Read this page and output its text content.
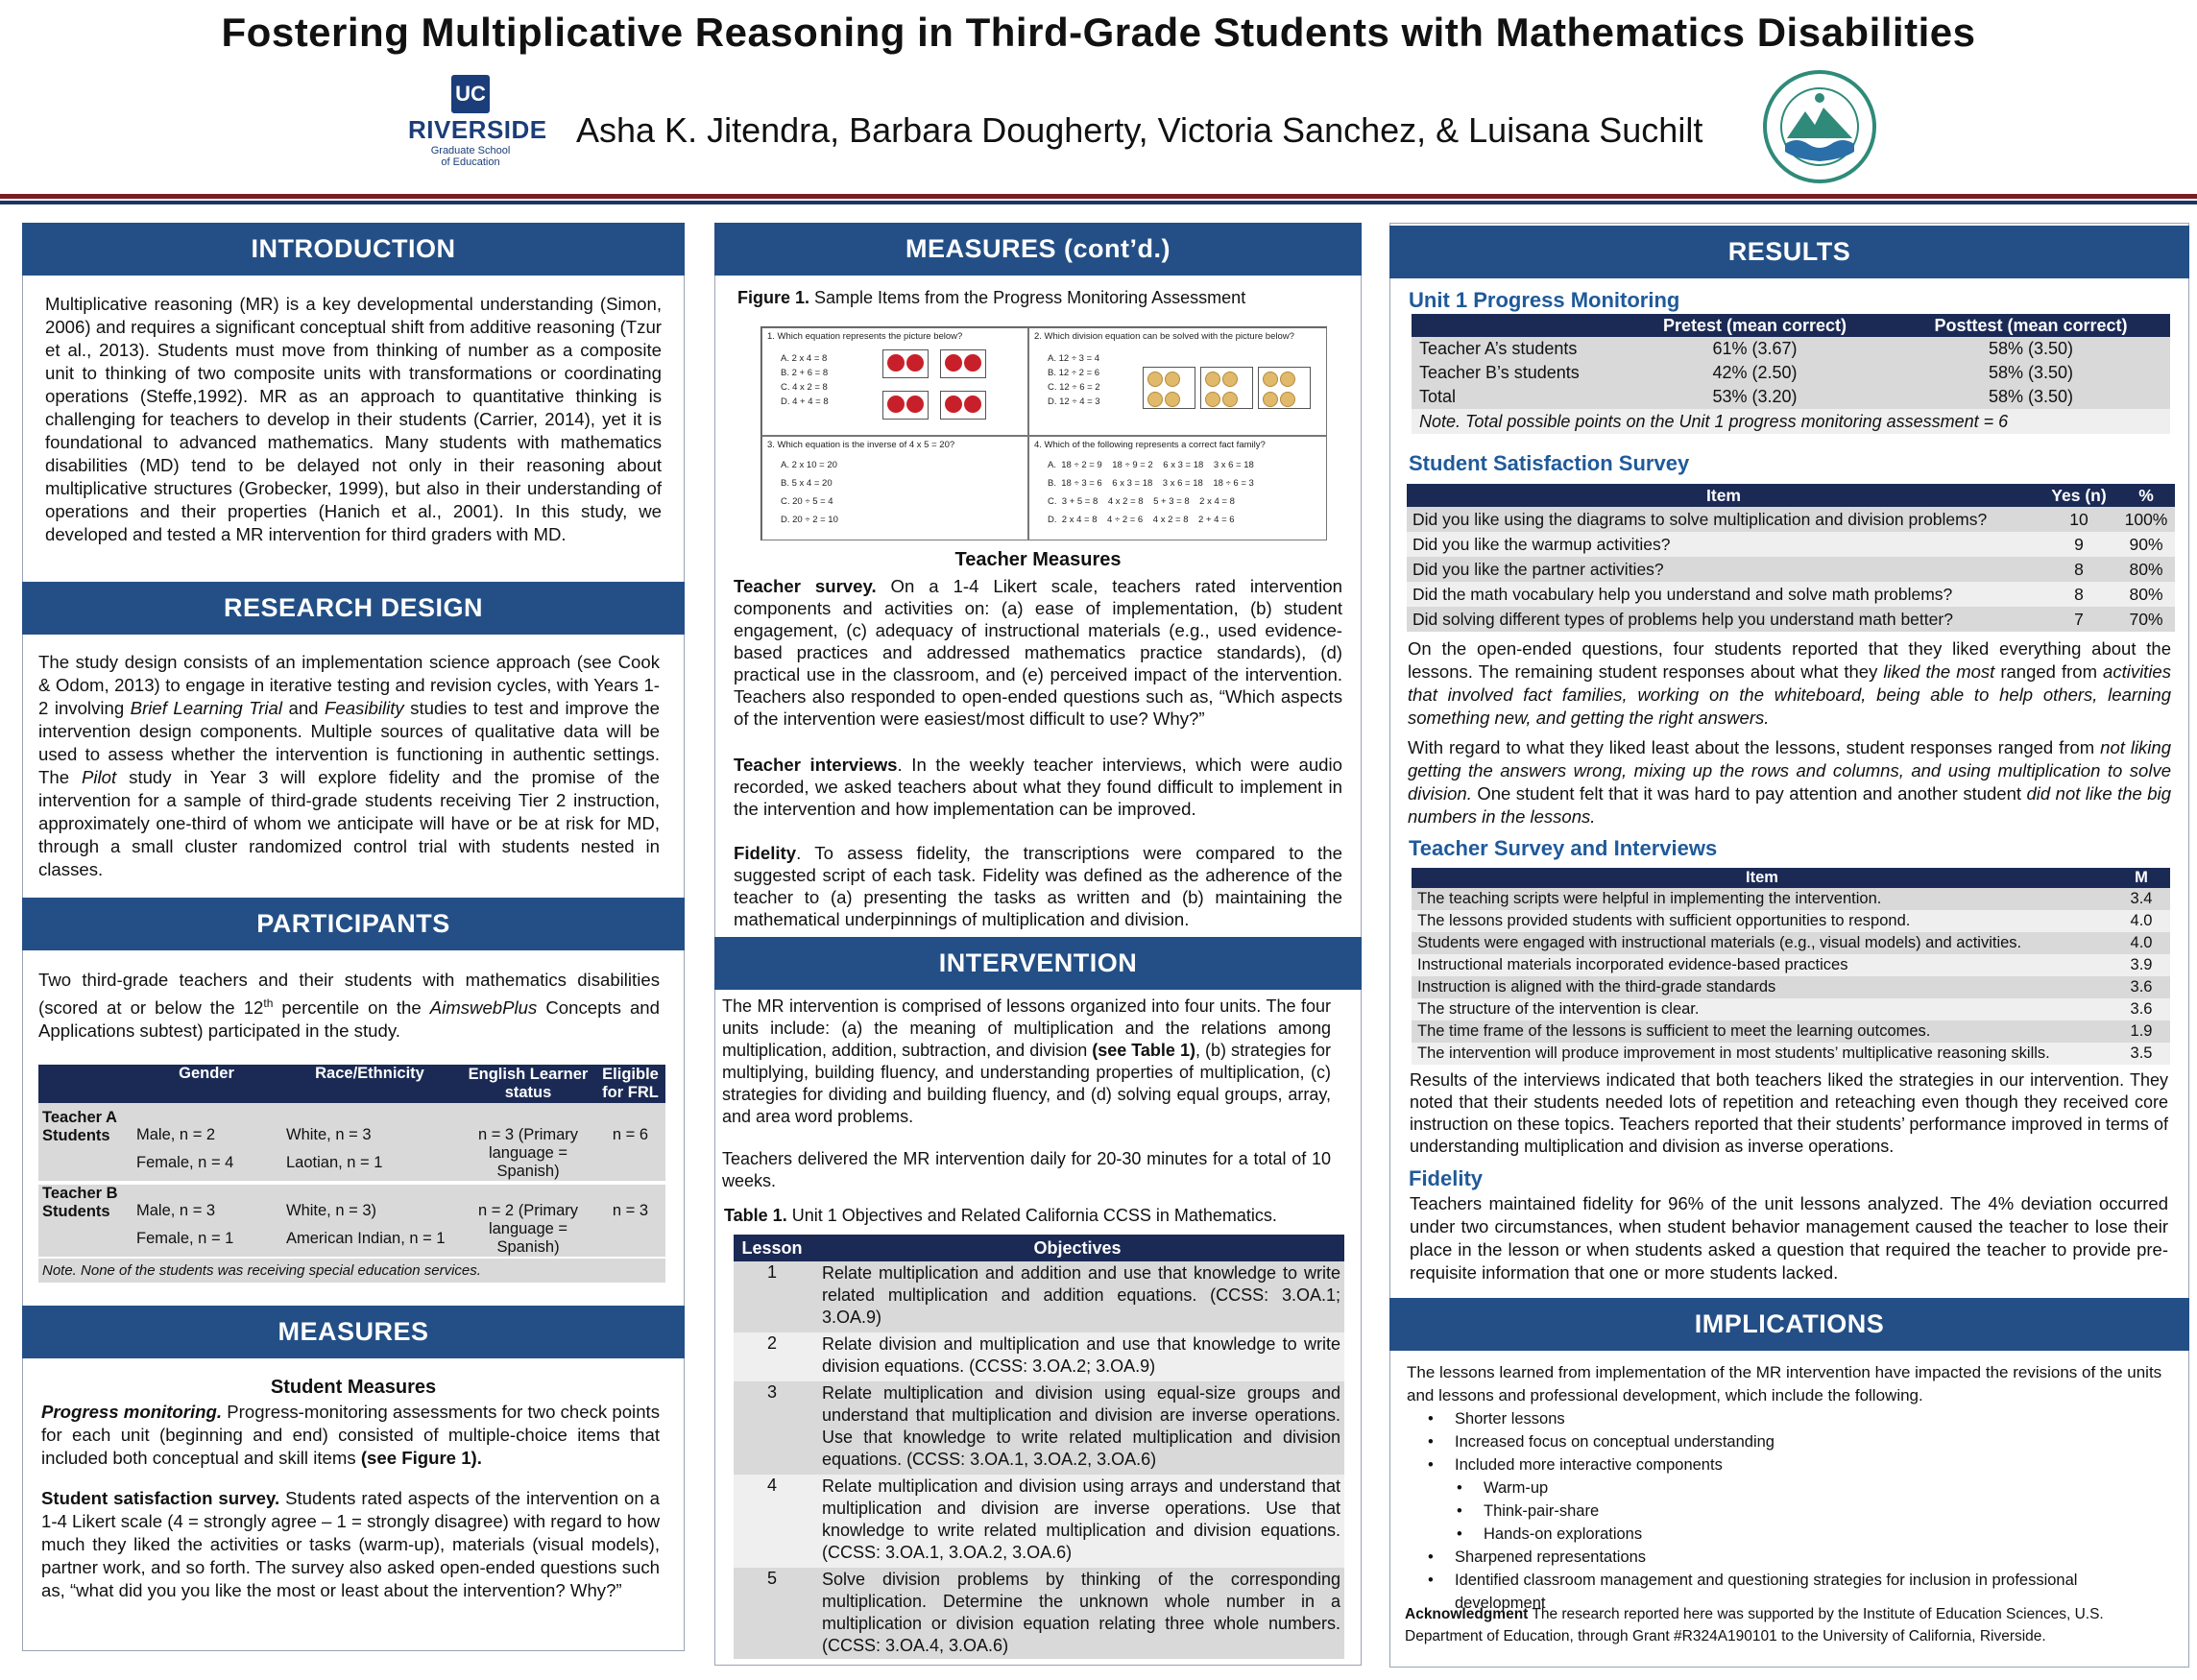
Fostering Multiplicative Reasoning in Third-Grade Students with Mathematics Disabilities
UC
RIVERSIDE
Graduate School
of Education
Asha K. Jitendra, Barbara Dougherty, Victoria Sanchez, & Luisana Suchilt
INTRODUCTION
Multiplicative reasoning (MR) is a key developmental understanding (Simon, 2006) and requires a significant conceptual shift from additive reasoning (Tzur et al., 2013). Students must move from thinking of number as a composite unit to thinking of two composite units with transformations or coordinating operations (Steffe,1992). MR as an approach to quantitative thinking is challenging for teachers to develop in their students (Carrier, 2014), yet it is foundational to advanced mathematics. Many students with mathematics disabilities (MD) tend to be delayed not only in their reasoning about multiplicative structures (Grobecker, 1999), but also in their understanding of operations and their properties (Hanich et al., 2001). In this study, we developed and tested a MR intervention for third graders with MD.
RESEARCH DESIGN
The study design consists of an implementation science approach (see Cook & Odom, 2013) to engage in iterative testing and revision cycles, with Years 1-2 involving Brief Learning Trial and Feasibility studies to test and improve the intervention design components. Multiple sources of qualitative data will be used to assess whether the intervention is functioning in authentic settings. The Pilot study in Year 3 will explore fidelity and the promise of the intervention for a sample of third-grade students receiving Tier 2 instruction, approximately one-third of whom we anticipate will have or be at risk for MD, through a small cluster randomized control trial with students nested in classes.
PARTICIPANTS
Two third-grade teachers and their students with mathematics disabilities (scored at or below the 12th percentile on the AimswebPlus Concepts and Applications subtest) participated in the study.
	Gender	Race/Ethnicity	English Learner status	Eligible for FRL

Teacher A Students	Male, n = 2	White, n = 3	n = 3 (Primary	n = 6
	Female, n = 4	Laotian, n = 1	language = Spanish)	

Teacher B Students	Male, n = 3	White, n = 3)	n = 2 (Primary	n = 3
	Female, n = 1	American Indian, n = 1	language = Spanish)	
Note. None of the students was receiving special education services.				
MEASURES
Student Measures
Progress monitoring. Progress-monitoring assessments for two check points for each unit (beginning and end) consisted of multiple-choice items that included both conceptual and skill items (see Figure 1).
Student satisfaction survey. Students rated aspects of the intervention on a 1-4 Likert scale (4 = strongly agree – 1 = strongly disagree) with regard to how much they liked the activities or tasks (warm-up), materials (visual models), partner work, and so forth. The survey also asked open-ended questions such as, “what did you you like the most or least about the intervention? Why?”
MEASURES (cont’d.)
Figure 1. Sample Items from the Progress Monitoring Assessment
1. Which equation represents the picture below?
A. 2 x 4 = 8
B. 2 + 6 = 8
C. 4 x 2 = 8
D. 4 + 4 = 8
2. Which division equation can be solved with the picture below?
A. 12 ÷ 3 = 4
B. 12 ÷ 2 = 6
C. 12 ÷ 6 = 2
D. 12 ÷ 4 = 3
3. Which equation is the inverse of 4 x 5 = 20?
A. 2 x 10 = 20
B. 5 x 4 = 20
C. 20 ÷ 5 = 4
D. 20 ÷ 2 = 10
4. Which of the following represents a correct fact family?
A.  18 ÷ 2 = 9    18 ÷ 9 = 2    6 x 3 = 18    3 x 6 = 18
B.  18 ÷ 3 = 6    6 x 3 = 18    3 x 6 = 18    18 ÷ 6 = 3
C.  3 + 5 = 8    4 x 2 = 8    5 + 3 = 8    2 x 4 = 8
D.  2 x 4 = 8    4 ÷ 2 = 6    4 x 2 = 8    2 + 4 = 6
Teacher Measures
Teacher survey. On a 1-4 Likert scale, teachers rated intervention components and activities on: (a) ease of implementation, (b) student engagement, (c) adequacy of instructional materials (e.g., used evidence-based practices and addressed mathematics practice standards), (d) practical use in the classroom, and (e) perceived impact of the intervention. Teachers also responded to open-ended questions such as, “Which aspects of the intervention were easiest/most difficult to use? Why?”
Teacher interviews. In the weekly teacher interviews, which were audio recorded, we asked teachers about what they found difficult to implement in the intervention and how implementation can be improved.
Fidelity. To assess fidelity, the transcriptions were compared to the suggested script of each task. Fidelity was defined as the adherence of the teacher to (a) presenting the tasks as written and (b) maintaining the mathematical underpinnings of multiplication and division.
INTERVENTION
The MR intervention is comprised of lessons organized into four units. The four units include: (a) the meaning of multiplication and the relations among multiplication, addition, subtraction, and division (see Table 1), (b) strategies for multiplying, building fluency, and understanding properties of multiplication, (c) strategies for dividing and building fluency, and (d) solving equal groups, array, and area word problems.
Teachers delivered the MR intervention daily for 20-30 minutes for a total of 10 weeks.
Table 1. Unit 1 Objectives and Related California CCSS in Mathematics.
Lesson	Objectives
1	Relate multiplication and addition and use that knowledge to write related multiplication and addition equations. (CCSS: 3.OA.1; 3.OA.9)
2	Relate division and multiplication and use that knowledge to write division equations. (CCSS: 3.OA.2; 3.OA.9)
3	Relate multiplication and division using equal-size groups and understand that multiplication and division are inverse operations. Use that knowledge to write related multiplication and division equations. (CCSS: 3.OA.1, 3.OA.2, 3.OA.6)
4	Relate multiplication and division using arrays and understand that multiplication and division are inverse operations. Use that knowledge to write related multiplication and division equations. (CCSS: 3.OA.1, 3.OA.2, 3.OA.6)
5	Solve division problems by thinking of the corresponding multiplication. Determine the unknown whole number in a multiplication or division equation relating three whole numbers. (CCSS: 3.OA.4, 3.OA.6)
RESULTS
Unit 1 Progress Monitoring
	Pretest (mean correct)	Posttest (mean correct)
Teacher A’s students	61% (3.67)	58% (3.50)
Teacher B’s students	42% (2.50)	58% (3.50)
Total	53% (3.20)	58% (3.50)
Note. Total possible points on the Unit 1 progress monitoring assessment = 6		
Student Satisfaction Survey
Item	Yes (n)	%
Did you like using the diagrams to solve multiplication and division problems?	10	100%
Did you like the warmup activities?	9	90%
Did you like the partner activities?	8	80%
Did the math vocabulary help you understand and solve math problems?	8	80%
Did solving different types of problems help you understand math better?	7	70%
On the open-ended questions, four students reported that they liked everything about the lessons. The remaining student responses about what they liked the most ranged from activities that involved fact families, working on the whiteboard, being able to help others, learning something new, and getting the right answers.
With regard to what they liked least about the lessons, student responses ranged from not liking getting the answers wrong, mixing up the rows and columns, and using multiplication to solve division. One student felt that it was hard to pay attention and another student did not like the big numbers in the lessons.
Teacher Survey and Interviews
Item	M
The teaching scripts were helpful in implementing the intervention.	3.4
The lessons provided students with sufficient opportunities to respond.	4.0
Students were engaged with instructional materials (e.g., visual models) and activities.	4.0
Instructional materials incorporated evidence-based practices	3.9
Instruction is aligned with the third-grade standards	3.6
The structure of the intervention is clear.	3.6
The time frame of the lessons is sufficient to meet the learning outcomes.	1.9
The intervention will produce improvement in most students’ multiplicative reasoning skills.	3.5
Results of the interviews indicated that both teachers liked the strategies in our intervention. They noted that their students needed lots of repetition and reteaching even though they received core instruction on these topics. Teachers reported that their students’ performance improved in terms of understanding multiplication and division as inverse operations.
Fidelity
Teachers maintained fidelity for 96% of the unit lessons analyzed. The 4% deviation occurred under two circumstances, when student behavior management caused the teacher to lose their place in the lesson or when students asked a question that required the teacher to provide pre-requisite information that one or more students lacked.
IMPLICATIONS
The lessons learned from implementation of the MR intervention have impacted the revisions of the units and lessons and professional development, which include the following.
• Shorter lessons
• Increased focus on conceptual understanding
• Included more interactive components
• Warm-up
• Think-pair-share
• Hands-on explorations
• Sharpened representations
• Identified classroom management and questioning strategies for inclusion in professional development
Acknowledgment The research reported here was supported by the Institute of Education Sciences, U.S. Department of Education, through Grant #R324A190101 to the University of California, Riverside.
